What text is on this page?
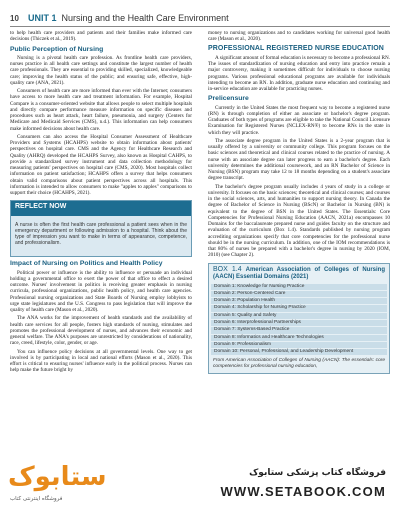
10 UNIT 1 Nursing and the Health Care Environment

to help health care providers and patients and their families make informed care decisions (Thiczek et al., 2019).

Public Perception of Nursing

Nursing is a pivotal health care profession. As frontline health care providers, nurses practice in all health care settings and constitute the largest number of health care professionals. They are essential to providing skilled, specialized, knowledgeable care; improving the health status of the public; and ensuring safe, effective, high-quality care (ANA, 2021).

Consumers of health care are more informed than ever with the Internet; consumers have access to more health care and treatment information. For example, Hospital Compare is a consumer-oriented website that allows people to select multiple hospitals and directly compare performance measure information on specific diseases and procedures such as heart attack, heart failure, pneumonia, and surgery (Centers for Medicare and Medicaid Services (CMS), n.d.). This information can help consumers make informed decisions about health care.

Consumers can also access the Hospital Consumer Assessment of Healthcare Providers and Systems (HCAHPS) website to obtain information about patients' perspectives on hospital care. CMS and the Agency for Healthcare Research and Quality (AHRQ) developed the HCAHPS Survey, also known as Hospital CAHPS, to provide a standardized survey instrument and data collection methodology for measuring patients' perspectives on hospital care (CMS, 2020). Most hospitals collect information on patient satisfaction; HCAHPS offers a survey that helps consumers obtain valid comparisons about patient perspectives across all hospitals. This information is intended to allow consumers to make "apples to apples" comparisons to support their choice (HCAHPS, 2021).

REFLECT NOW
A nurse is often the first health care professional a patient sees when in the emergency department or following admission to a hospital. Think about the type of impression you want to make in terms of appearance, competence, and professionalism.
Impact of Nursing on Politics and Health Policy

Political power or influence is the ability to influence or persuade an individual holding a governmental office to exert the power of that office to effect a desired outcome. Nurses' involvement in politics is receiving greater emphasis in nursing curricula, professional organizations, public health policy, and health care agencies. Professional nursing organizations and State Boards of Nursing employ lobbyists to urge state legislatures and the U.S. Congress to pass legislation that will improve the quality of health care (Mason et al., 2020).

The ANA works for the improvement of health standards and the availability of health care services for all people, fosters high standards of nursing, stimulates and promotes the professional development of nurses, and advances their economic and general welfare. The ANA's purposes are unrestricted by considerations of nationality, race, creed, lifestyle, color, gender, or age.

You can influence policy decisions at all governmental levels. One way to get involved is by participating in local and national efforts (Mason et al., 2020). This effort is critical to ensuring nurses' influence early in the political process. Nurses can help make the future bright by

money to nursing organizations and to candidates working for universal good health care (Mason et al., 2020).

PROFESSIONAL REGISTERED NURSE EDUCATION

A significant amount of formal education is necessary to become a professional RN. The issues of standardization of nursing education and entry into practice remain a major controversy, making it sometimes difficult for individuals to choose nursing programs. Various professional educational programs are available for individuals intending to become an RN. In addition, graduate nurse education and continuing and in-service education are available for practicing nurses.

Prelicensure

Currently in the United States the most frequent way to become a registered nurse (RN) is through completion of either an associate or bachelor's degree program. Graduates of both types of programs are eligible to take the National Council Licensure Examination for Registered Nurses (NCLEX-RN®) to become RNs in the state in which they will practice.

The associate degree program in the United States is a 2-year program that is usually offered by a university or community college. This program focuses on the basic sciences and theoretical and clinical courses related to the practice of nursing. A nurse with an associate degree can later progress to earn a bachelor's degree. Each university determines the additional coursework, and an RN Bachelor of Science in Nursing (BSN) program may take 12 to 18 months depending on a student's associate degree transcript.

The bachelor's degree program usually includes 4 years of study in a college or university. It focuses on the basic sciences; theoretical and clinical courses; and courses in the social sciences, arts, and humanities to support nursing theory. In Canada the degree of Bachelor of Science in Nursing (BScN) or Bachelor in Nursing (BN) is equivalent to the degree of BSN in the United States. The Essentials: Core Competencies for Professional Nursing Education (AACN, 2021a) encompasses 10 Domains for the baccalaureate prepared nurse and guides faculty on the structure and evaluation of the curriculum (Box 1.4). Standards published by nursing program accrediting organizations specify that core competencies for the professional nurse should be in the nursing curriculum. In addition, one of the IOM recommendations is that 80% of nurses be prepared with a bachelor's degree in nursing by 2020 (IOM, 2010) (see Chapter 2).

BOX 1.4 American Association of Colleges of Nursing (AACN) Essential Domains (2021)
Domain 1: Knowledge for Nursing Practice
Domain 2: Person-Centered Care
Domain 3: Population Health
Domain 4: Scholarship for Nursing Practice
Domain 5: Quality and Safety
Domain 6: Interprofessional Partnerships
Domain 7: Systems-Based Practice
Domain 8: Informatics and Healthcare Technologies
Domain 9: Professionalism
Domain 10: Personal, Professional, and Leadership Development
From American Association of Colleges of Nursing (AACN): The essentials: core competencies for professional nursing education,
ستابوک
فروشگاه اینترنتی کتاب
فروشگاه کتاب پزشکی ستابوک
WWW.SETABOOK.COM
